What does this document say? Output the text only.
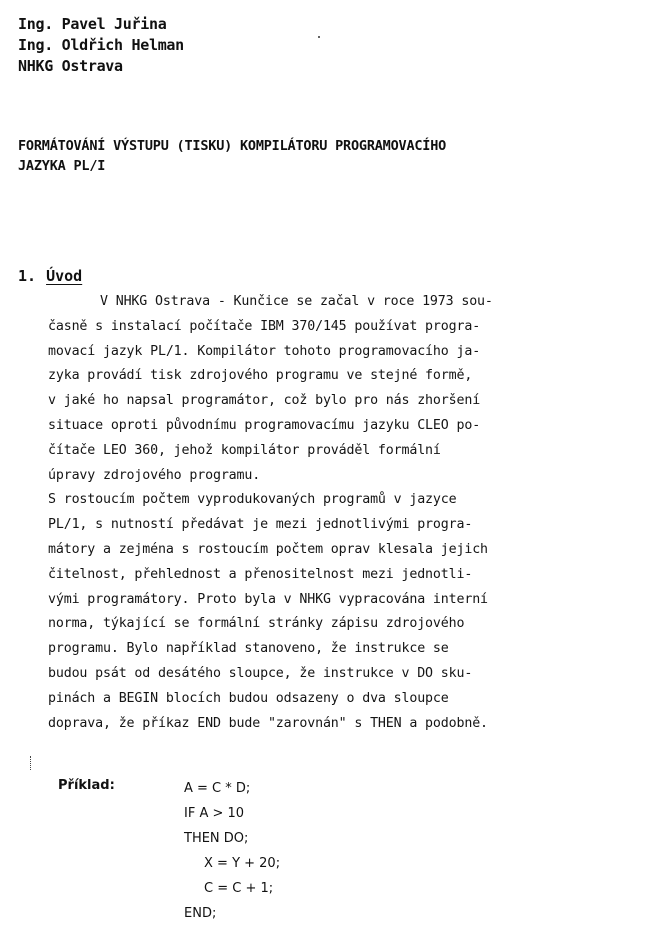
Ing. Pavel Juřina
Ing. Oldřich Helman
NHKG Ostrava
FORMÁTOVÁNÍ VÝSTUPU (TISKU) KOMPILÁTORU PROGRAMOVACÍHO
JAZYKA PL/I
1. Úvod
V NHKG Ostrava - Kunčice se začal v roce 1973 sou-
časně s instalací počítače IBM 370/145 používat progra-
movací jazyk PL/1. Kompilátor tohoto programovacího ja-
zyka provádí tisk zdrojového programu ve stejné formě,
v jaké ho napsal programátor, což bylo pro nás zhoršení
situace oproti původnímu programovacímu jazyku CLEO po-
čítače LEO 360, jehož kompilátor prováděl formální
úpravy zdrojového programu.
S rostoucím počtem vyprodukovaných programů v jazyce
PL/1, s nutností předávat je mezi jednotlivými progra-
mátory a zejména s rostoucím počtem oprav klesala jejich
čitelnost, přehlednost a přenositelnost mezi jednotli-
vými programátory. Proto byla v NHKG vypracována interní
norma, týkající se formální stránky zápisu zdrojového
programu. Bylo například stanoveno, že instrukce se
budou psát od desátého sloupce, že instrukce v DO sku-
pinách a BEGIN blocích budou odsazeny o dva sloupce
doprava, že příkaz END bude "zarovnán" s THEN a podobně.
Příklad:	A = C * D;
IF A > 10
THEN DO;
X = Y + 20;
C = C + 1;
END;
